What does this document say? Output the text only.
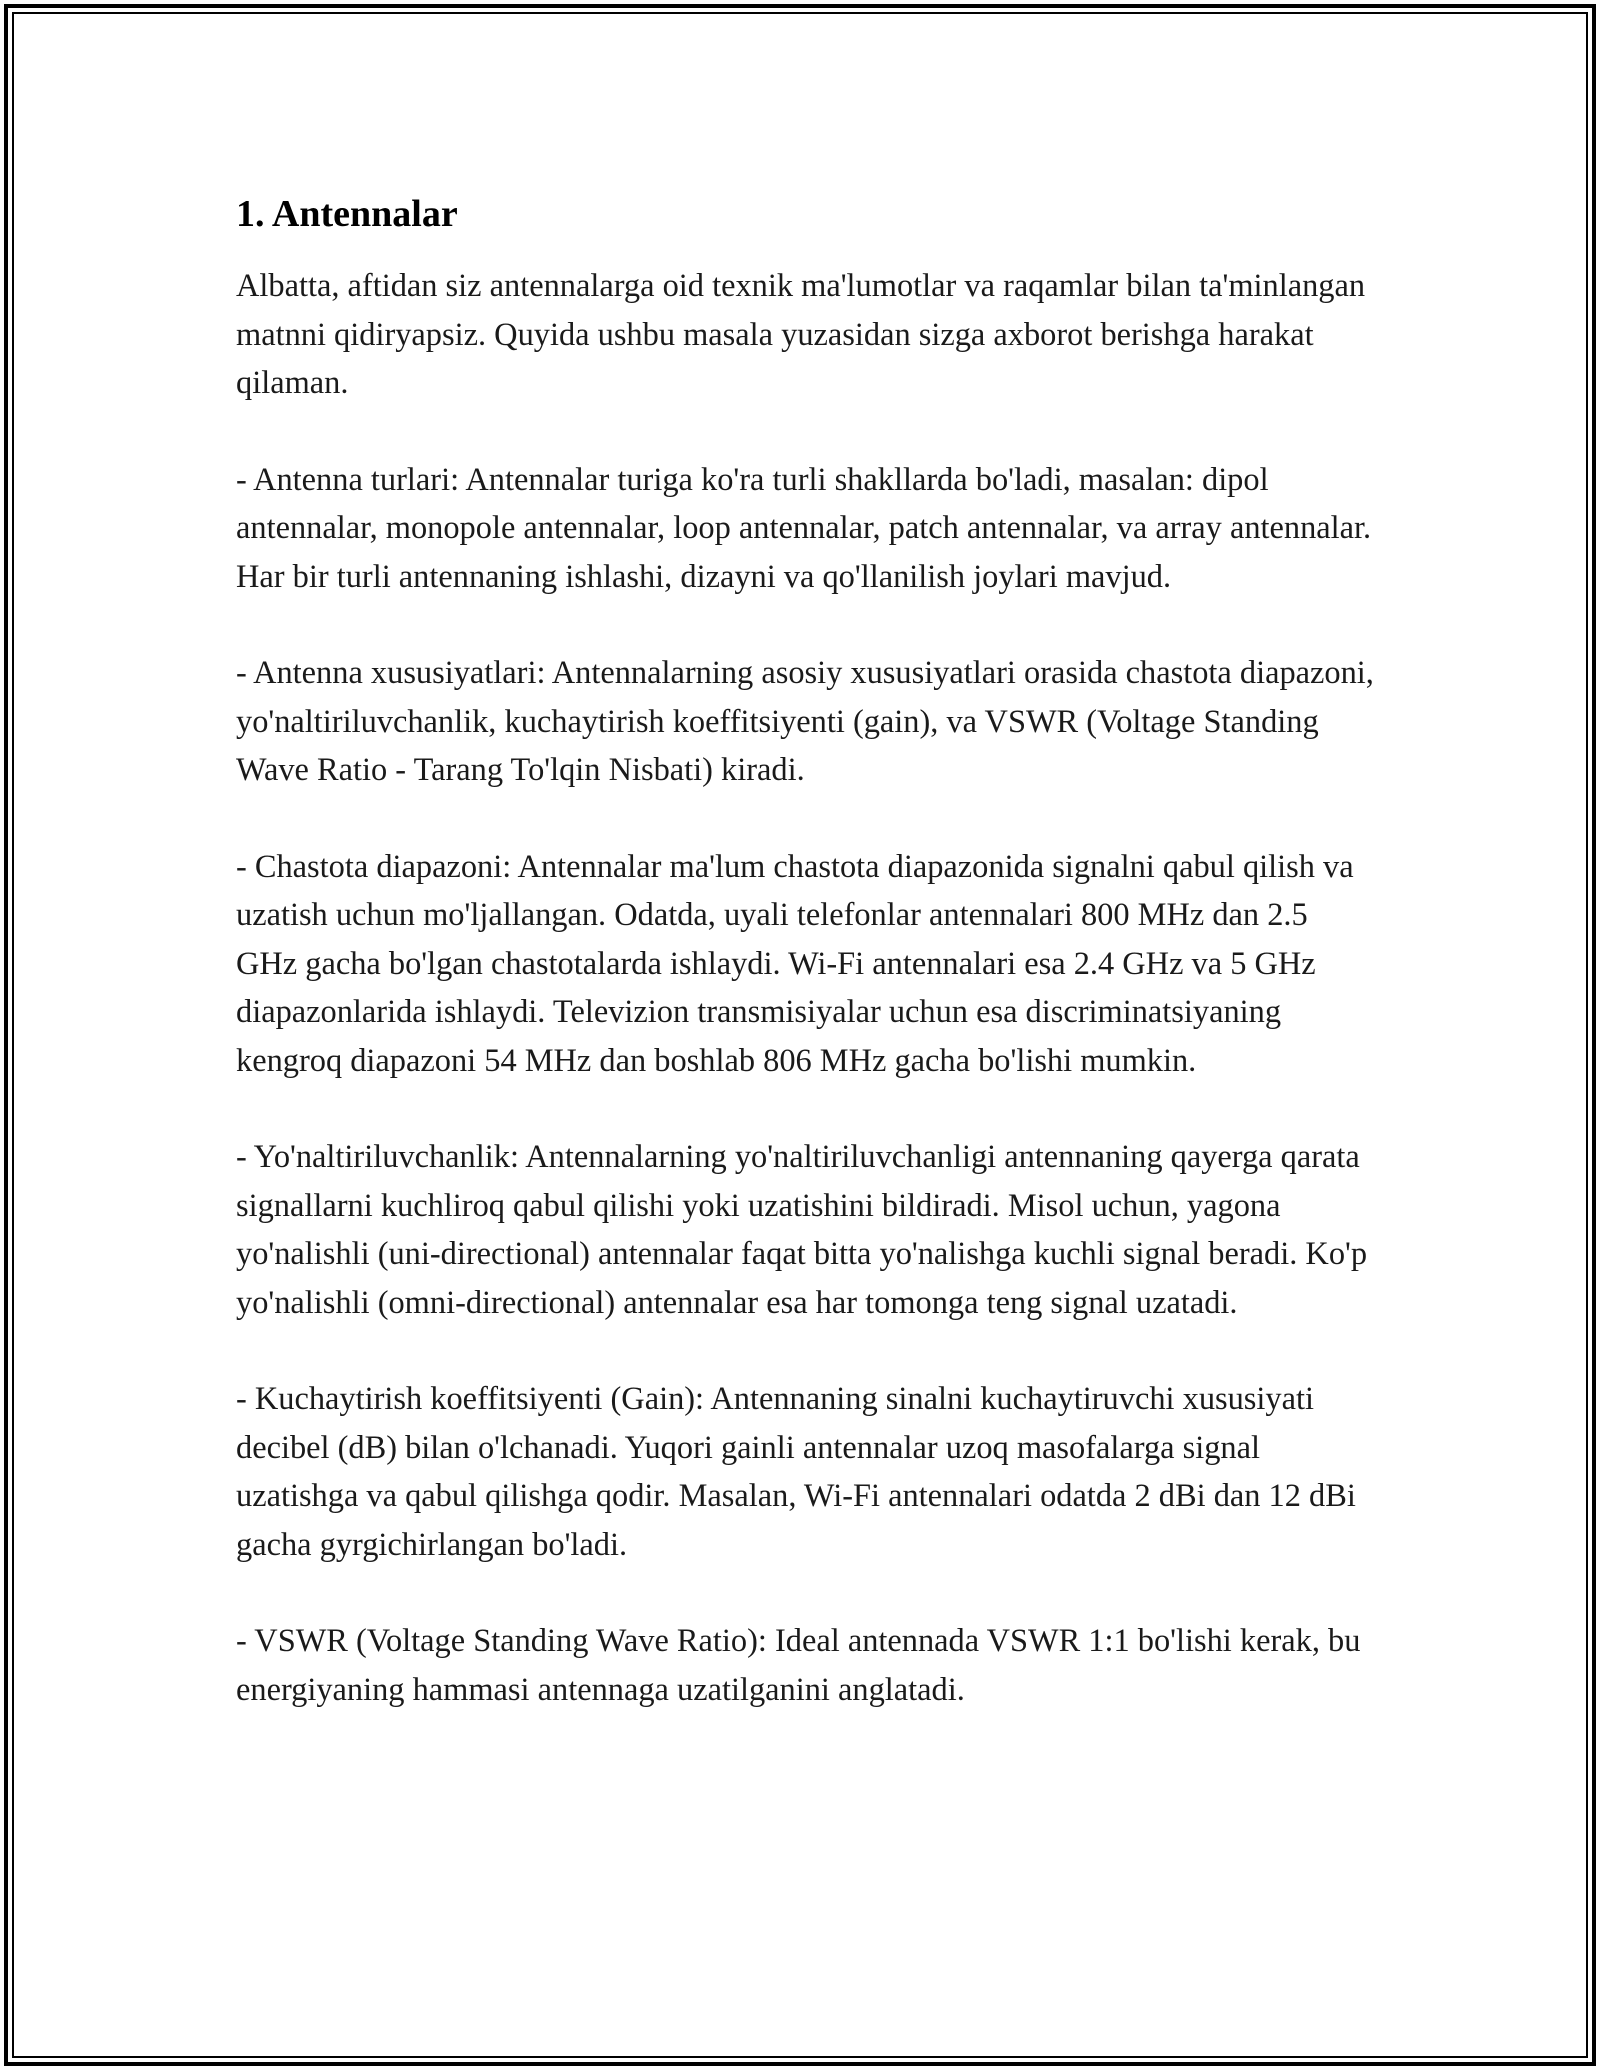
1. Antennalar

Albatta, aftidan siz antennalarga oid texnik ma'lumotlar va raqamlar bilan ta'minlangan matnni qidiryapsiz. Quyida ushbu masala yuzasidan sizga axborot berishga harakat qilaman.

- Antenna turlari: Antennalar turiga ko'ra turli shakllarda bo'ladi, masalan: dipol antennalar, monopole antennalar, loop antennalar, patch antennalar, va array antennalar. Har bir turli antennaning ishlashi, dizayni va qo'llanilish joylari mavjud.

- Antenna xususiyatlari: Antennalarning asosiy xususiyatlari orasida chastota diapazoni, yo'naltiriluvchanlik, kuchaytirish koeffitsiyenti (gain), va VSWR (Voltage Standing Wave Ratio - Tarang To'lqin Nisbati) kiradi.

- Chastota diapazoni: Antennalar ma'lum chastota diapazonida signalni qabul qilish va uzatish uchun mo'ljallangan. Odatda, uyali telefonlar antennalari 800 MHz dan 2.5 GHz gacha bo'lgan chastotalarda ishlaydi. Wi-Fi antennalari esa 2.4 GHz va 5 GHz diapazonlarida ishlaydi. Televizion transmisiyalar uchun esa discriminatsiyaning kengroq diapazoni 54 MHz dan boshlab 806 MHz gacha bo'lishi mumkin.

- Yo'naltiriluvchanlik: Antennalarning yo'naltiriluvchanligi antennaning qayerga qarata signallarni kuchliroq qabul qilishi yoki uzatishini bildiradi. Misol uchun, yagona yo'nalishli (uni-directional) antennalar faqat bitta yo'nalishga kuchli signal beradi. Ko'p yo'nalishli (omni-directional) antennalar esa har tomonga teng signal uzatadi.

- Kuchaytirish koeffitsiyenti (Gain): Antennaning sinalni kuchaytiruvchi xususiyati decibel (dB) bilan o'lchanadi. Yuqori gainli antennalar uzoq masofalarga signal uzatishga va qabul qilishga qodir. Masalan, Wi-Fi antennalari odatda 2 dBi dan 12 dBi gacha gyrgichirlangan bo'ladi.

- VSWR (Voltage Standing Wave Ratio): Ideal antennada VSWR 1:1 bo'lishi kerak, bu energiyaning hammasi antennaga uzatilganini anglatadi.
